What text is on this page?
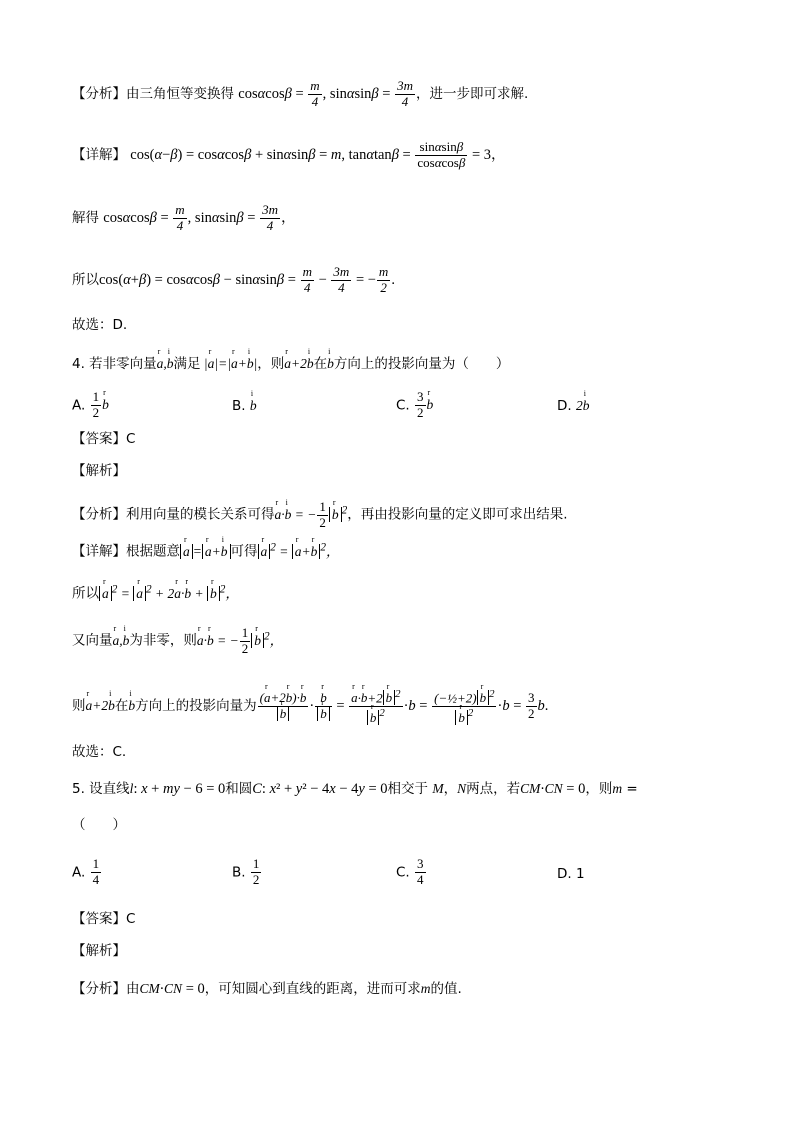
【分析】由三角恒等变换得 $\cos\alpha\cos\beta = \frac{m}{4}$ , $\sin\alpha\sin\beta = \frac{3m}{4}$ ，进一步即可求解.
【详解】 cos(α−β) = cosαcosβ + sinαsinβ = m, $\tan\alpha\tan\beta = \frac{\sin\alpha\sin\beta}{\cos\alpha\cos\beta} = 3$，
解得 $\cos\alpha\cos\beta = \frac{m}{4}$ , $\sin\alpha\sin\beta = \frac{3m}{4}$ ，
所以$\cos(\alpha+\beta) = \cos\alpha\cos\beta - \sin\alpha\sin\beta = \frac{m}{4} - \frac{3m}{4}$ = − $\frac{m}{2}$ .
故选：D.
4. 若非零向量r a,i b满足 |r a|=|r a+i b|，则r a+2i b在i b方向上的投影向量为（　　）
A. $\frac{1}{2}$ r b	B. i b	C. $\frac{3}{2}$ r b	D. 2i b
【答案】C
【解析】
【分析】利用向量的模长关系可得r a·i b = − $\frac{1}{2}$ r b $^2$，再由投影向量的定义即可求出结果.
【详解】根据题意 r a = r a+i b 可得 r a $^2$ = r a+r b $^2$，
所以 r a $^2$ = r a $^2$ + 2r a·r b + r b $^2$，
又向量r a,i b为非零，则r a·r b = − $\frac{1}{2}$ r b $^2$，
则r a+2i b在i b方向上的投影向量为 (r a+2r b)·r b
r b · r b
r b = r a·r b+2 r b $^2$
r b $^2$ ·b = (−½+2) r b $^2$
r b $^2 \cdot b = \frac{3}{2} b$.
故选：C.
5. 设直线l: x + my − 6 = 0和圆C: x² + y² − 4x − 4y = 0相交于 M，N两点，若CM·CN = 0，则m =
（　　）
A. $\frac{1}{4}$	B. $\frac{1}{2}$	C. $\frac{3}{4}$	D. 1
【答案】C
【解析】
【分析】由CM·CN = 0，可知圆心到直线的距离，进而可求m的值.
